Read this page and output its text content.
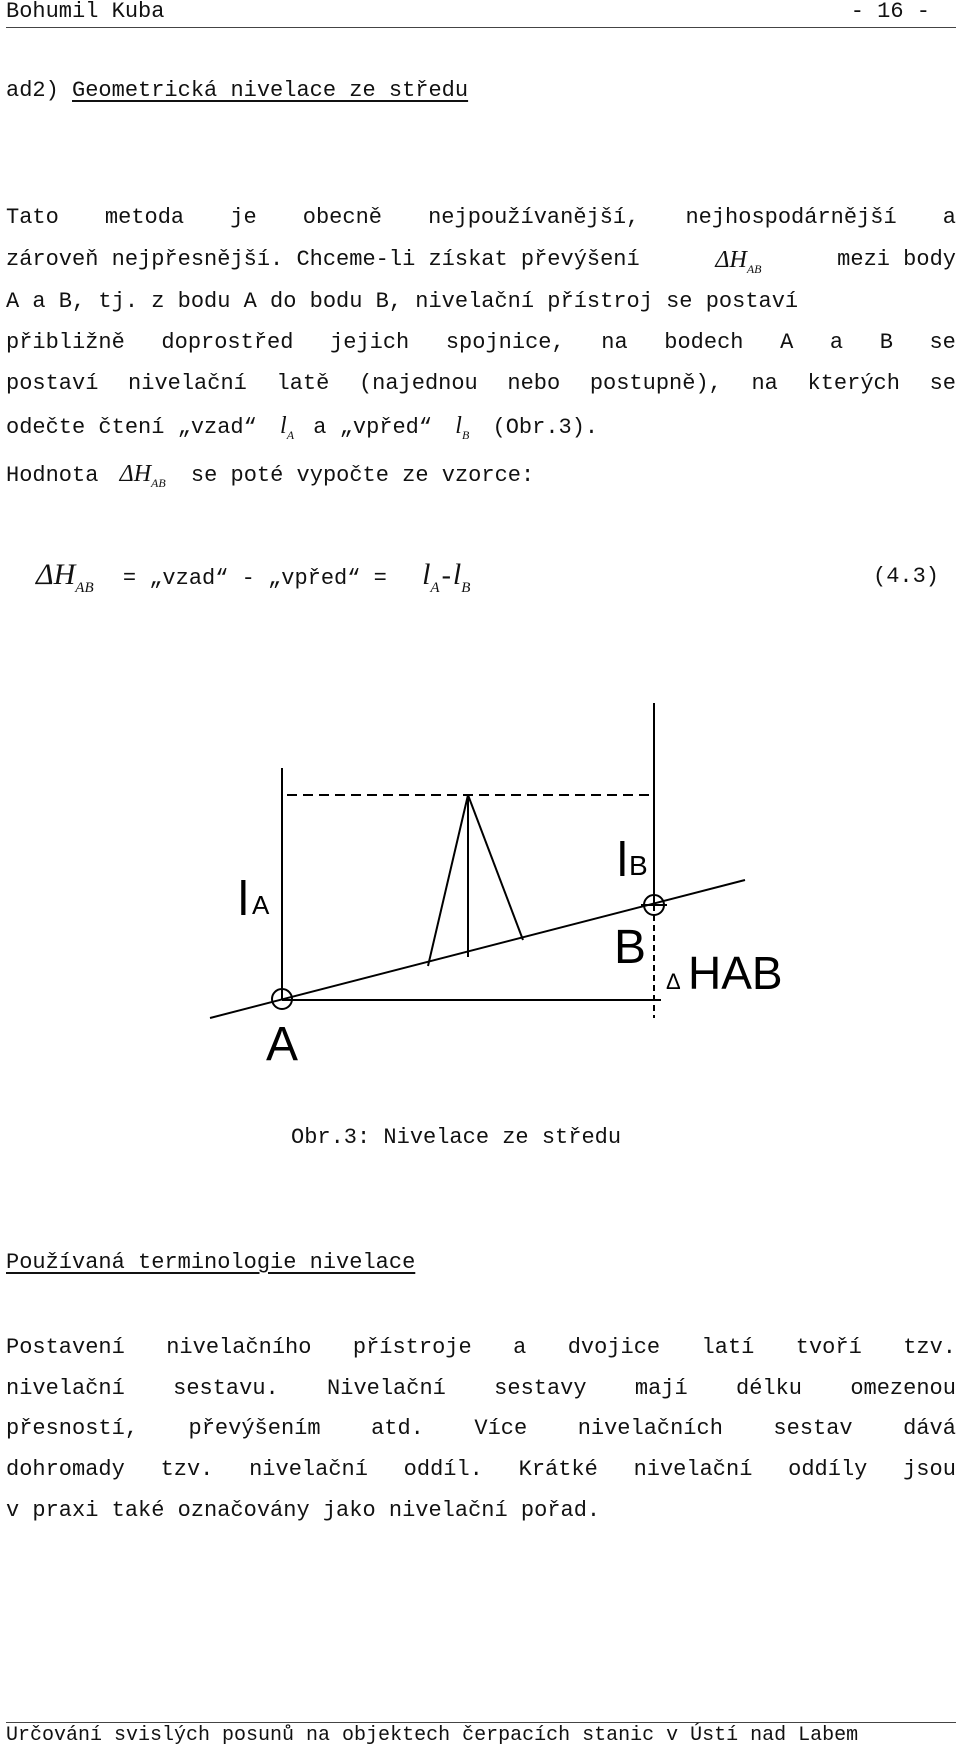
Bohumil Kuba	- 16 -
ad2) Geometrická nivelace ze středu
Tato metoda je obecně nejpoužívanější, nejhospodárnější a
zároveň nejpřesnější. Chceme-li získat převýšení	$\Delta H_{AB}$	mezi body
A a B, tj. z bodu A do bodu B, nivelační přístroj se postaví
přibližně doprostřed jejich spojnice, na bodech A a B se
postaví nivelační latě (najednou nebo postupně), na kterých se
odečte čtení „vzad“ $l_A$ a „vpřed“ $l_B$ (Obr.3).
Hodnota $\Delta H_{AB}$ se poté vypočte ze vzorce:
$\Delta H_{AB}$ = „vzad“ - „vpřed“ = $l_A-l_B$	(4.3)
l A
l B
A
B
Δ HAB
Obr.3: Nivelace ze středu
Používaná terminologie nivelace
Postavení nivelačního přístroje a dvojice latí tvoří tzv.
nivelační sestavu. Nivelační sestavy mají délku omezenou
přesností, převýšením atd. Více nivelačních sestav dává
dohromady tzv. nivelační oddíl. Krátké nivelační oddíly jsou
v praxi také označovány jako nivelační pořad.
Určování svislých posunů na objektech čerpacích stanic v Ústí nad Labem
